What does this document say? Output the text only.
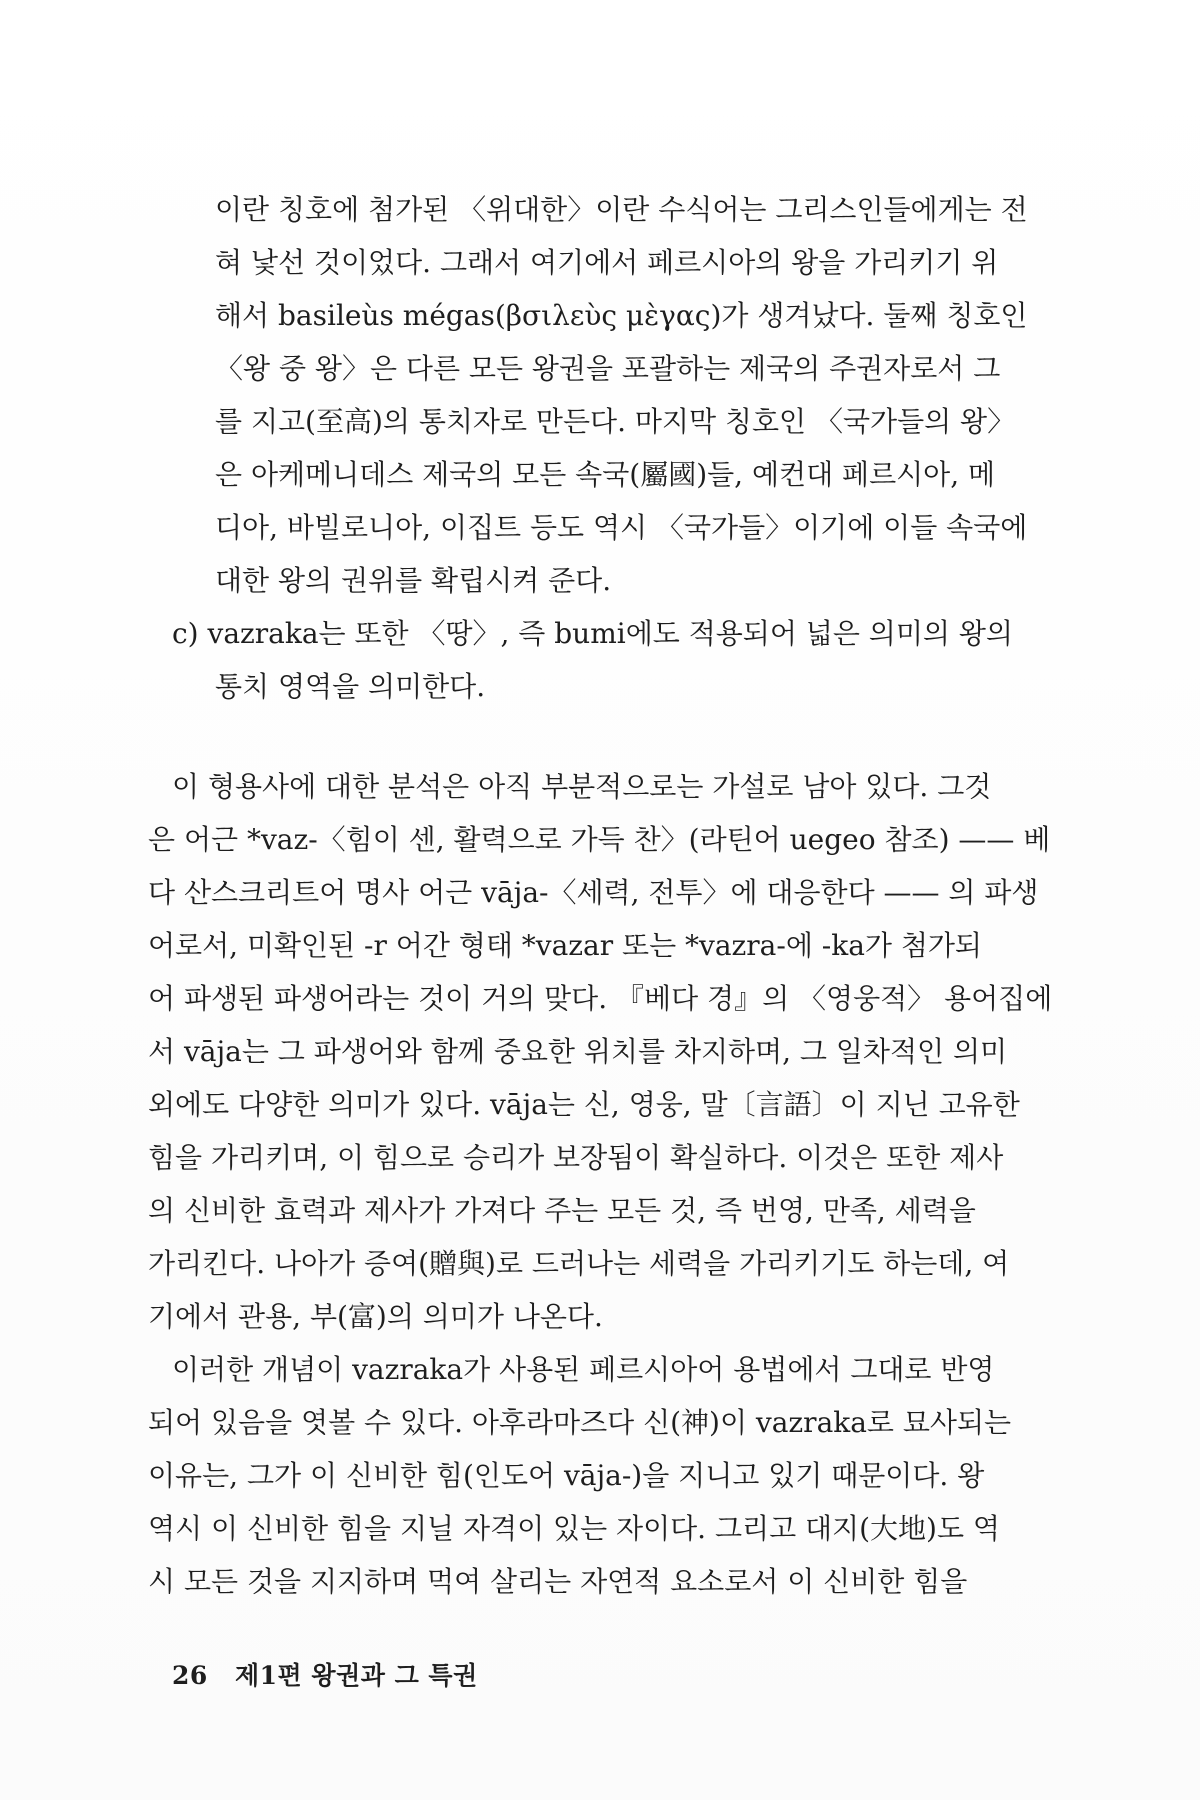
이란 칭호에 첨가된 〈위대한〉이란 수식어는 그리스인들에게는 전
혀 낯선 것이었다. 그래서 여기에서 페르시아의 왕을 가리키기 위
해서 basileùs mégas(βσιλεὺς μὲγας)가 생겨났다. 둘째 칭호인
〈왕 중 왕〉은 다른 모든 왕권을 포괄하는 제국의 주권자로서 그
를 지고(至高)의 통치자로 만든다. 마지막 칭호인 〈국가들의 왕〉
은 아케메니데스 제국의 모든 속국(屬國)들, 예컨대 페르시아, 메
디아, 바빌로니아, 이집트 등도 역시 〈국가들〉이기에 이들 속국에
대한 왕의 권위를 확립시켜 준다.
c) vazraka는 또한 〈땅〉, 즉 bumi에도 적용되어 넓은 의미의 왕의
통치 영역을 의미한다.
이 형용사에 대한 분석은 아직 부분적으로는 가설로 남아 있다. 그것
은 어근 *vaz-〈힘이 센, 활력으로 가득 찬〉(라틴어 uegeo 참조) —— 베
다 산스크리트어 명사 어근 vāja-〈세력, 전투〉에 대응한다 —— 의 파생
어로서, 미확인된 -r 어간 형태 *vazar 또는 *vazra-에 -ka가 첨가되
어 파생된 파생어라는 것이 거의 맞다. 『베다 경』의 〈영웅적〉 용어집에
서 vāja는 그 파생어와 함께 중요한 위치를 차지하며, 그 일차적인 의미
외에도 다양한 의미가 있다. vāja는 신, 영웅, 말〔言語〕이 지닌 고유한
힘을 가리키며, 이 힘으로 승리가 보장됨이 확실하다. 이것은 또한 제사
의 신비한 효력과 제사가 가져다 주는 모든 것, 즉 번영, 만족, 세력을
가리킨다. 나아가 증여(贈與)로 드러나는 세력을 가리키기도 하는데, 여
기에서 관용, 부(富)의 의미가 나온다.
이러한 개념이 vazraka가 사용된 페르시아어 용법에서 그대로 반영
되어 있음을 엿볼 수 있다. 아후라마즈다 신(神)이 vazraka로 묘사되는
이유는, 그가 이 신비한 힘(인도어 vāja-)을 지니고 있기 때문이다. 왕
역시 이 신비한 힘을 지닐 자격이 있는 자이다. 그리고 대지(大地)도 역
시 모든 것을 지지하며 먹여 살리는 자연적 요소로서 이 신비한 힘을
26 제1편 왕권과 그 특권
